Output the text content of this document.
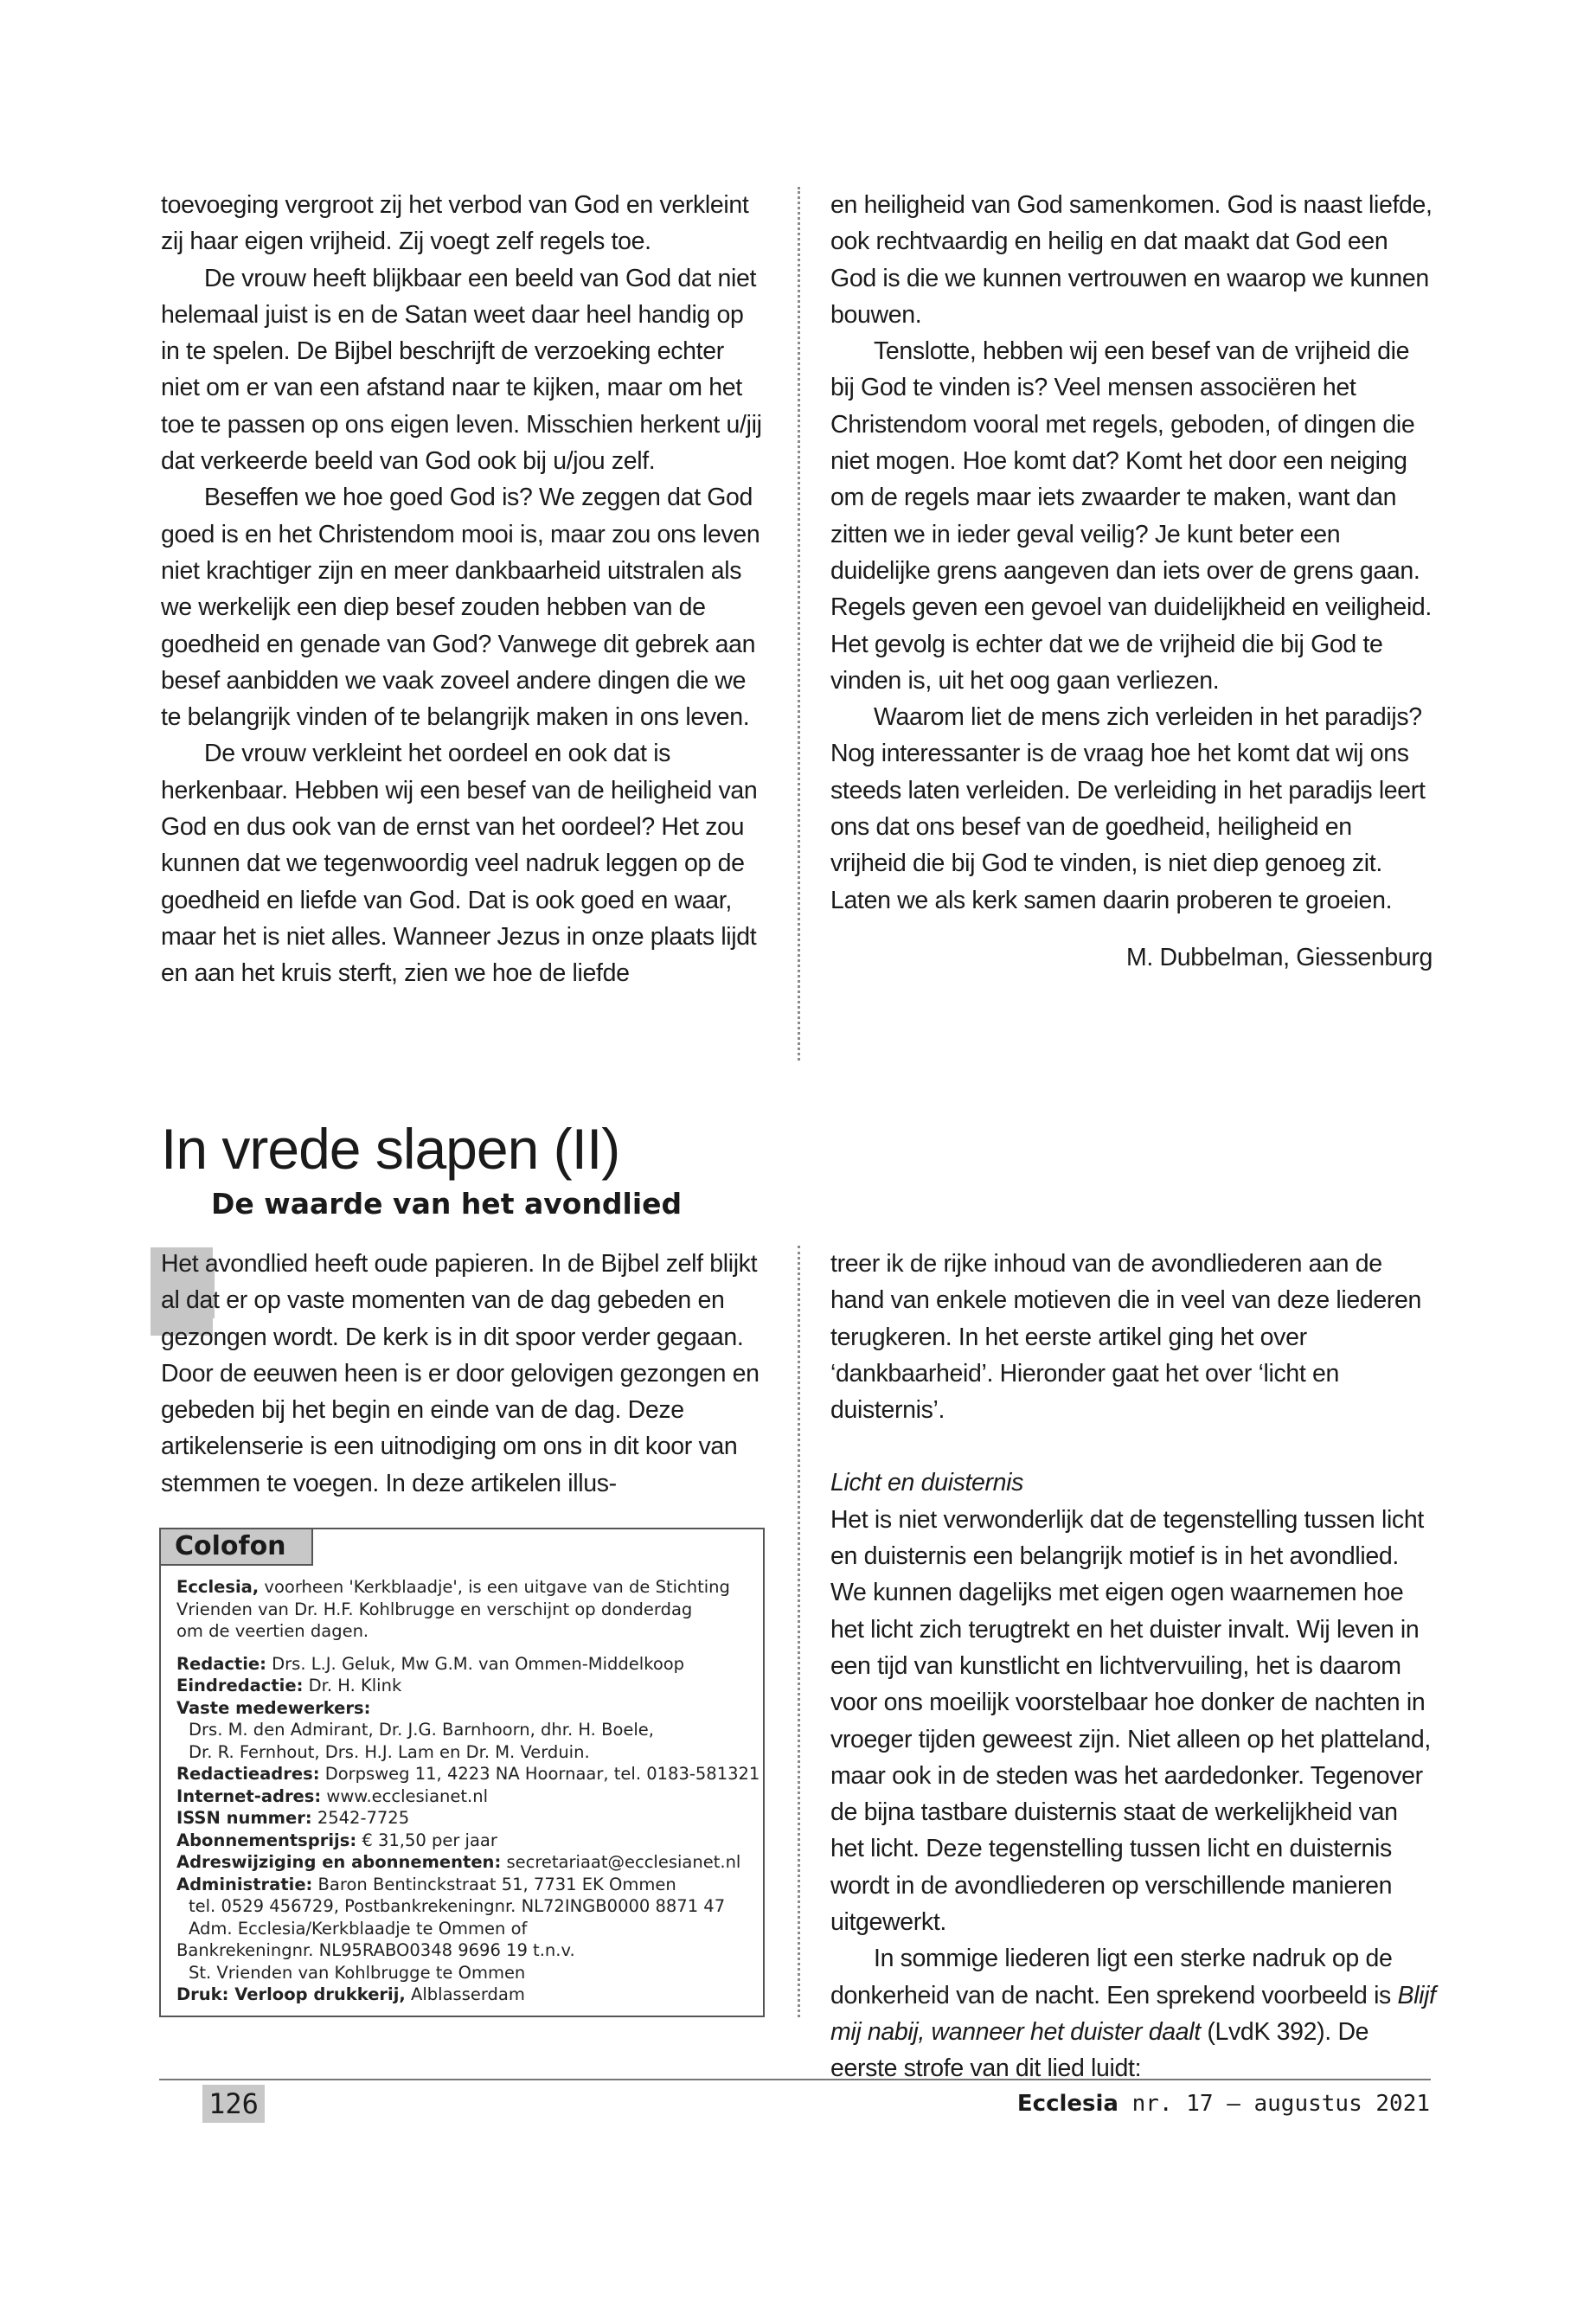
toevoeging vergroot zij het verbod van God en verkleint zij haar eigen vrijheid. Zij voegt zelf regels toe.

De vrouw heeft blijkbaar een beeld van God dat niet helemaal juist is en de Satan weet daar heel handig op in te spelen. De Bijbel beschrijft de verzoeking echter niet om er van een afstand naar te kijken, maar om het toe te passen op ons eigen leven. Misschien herkent u/jij dat verkeerde beeld van God ook bij u/jou zelf.

Beseffen we hoe goed God is? We zeggen dat God goed is en het Christendom mooi is, maar zou ons leven niet krachtiger zijn en meer dankbaarheid uitstralen als we werkelijk een diep besef zouden hebben van de goedheid en genade van God? Vanwege dit gebrek aan besef aanbidden we vaak zoveel andere dingen die we te belangrijk vinden of te belangrijk maken in ons leven.

De vrouw verkleint het oordeel en ook dat is herkenbaar. Hebben wij een besef van de heiligheid van God en dus ook van de ernst van het oordeel? Het zou kunnen dat we tegenwoordig veel nadruk leggen op de goedheid en liefde van God. Dat is ook goed en waar, maar het is niet alles. Wanneer Jezus in onze plaats lijdt en aan het kruis sterft, zien we hoe de liefde

en heiligheid van God samenkomen. God is naast liefde, ook rechtvaardig en heilig en dat maakt dat God een God is die we kunnen vertrouwen en waarop we kunnen bouwen.

Tenslotte, hebben wij een besef van de vrijheid die bij God te vinden is? Veel mensen associëren het Christendom vooral met regels, geboden, of dingen die niet mogen. Hoe komt dat? Komt het door een neiging om de regels maar iets zwaarder te maken, want dan zitten we in ieder geval veilig? Je kunt beter een duidelijke grens aangeven dan iets over de grens gaan. Regels geven een gevoel van duidelijkheid en veiligheid. Het gevolg is echter dat we de vrijheid die bij God te vinden is, uit het oog gaan verliezen.

Waarom liet de mens zich verleiden in het paradijs? Nog interessanter is de vraag hoe het komt dat wij ons steeds laten verleiden. De verleiding in het paradijs leert ons dat ons besef van de goedheid, heiligheid en vrijheid die bij God te vinden, is niet diep genoeg zit. Laten we als kerk samen daarin proberen te groeien.

M. Dubbelman, Giessenburg

In vrede slapen (II)
De waarde van het avondlied
H

Het avondlied heeft oude papieren. In de Bijbel zelf blijkt al dat er op vaste momenten van de dag gebeden en gezongen wordt. De kerk is in dit spoor verder gegaan. Door de eeuwen heen is er door gelovigen gezongen en gebeden bij het begin en einde van de dag. Deze artikelenserie is een uitnodiging om ons in dit koor van stemmen te voegen. In deze artikelen illus-

treer ik de rijke inhoud van de avondliederen aan de hand van enkele motieven die in veel van deze liederen terugkeren. In het eerste artikel ging het over ‘dankbaarheid’. Hieronder gaat het over ‘licht en duisternis’.

Licht en duisternis

Het is niet verwonderlijk dat de tegenstelling tussen licht en duisternis een belangrijk motief is in het avondlied. We kunnen dagelijks met eigen ogen waarnemen hoe het licht zich terugtrekt en het duister invalt. Wij leven in een tijd van kunstlicht en lichtvervuiling, het is daarom voor ons moeilijk voorstelbaar hoe donker de nachten in vroeger tijden geweest zijn. Niet alleen op het platteland, maar ook in de steden was het aardedonker. Tegenover de bijna tastbare duisternis staat de werkelijkheid van het licht. Deze tegenstelling tussen licht en duisternis wordt in de avondliederen op verschillende manieren uitgewerkt.

In sommige liederen ligt een sterke nadruk op de donkerheid van de nacht. Een sprekend voorbeeld is Blijf mij nabij, wanneer het duister daalt (LvdK 392). De eerste strofe van dit lied luidt:

Colofon

Ecclesia, voorheen 'Kerkblaadje', is een uitgave van de Stichting

Vrienden van Dr. H.F. Kohlbrugge en verschijnt op donderdag

om de veertien dagen.

Redactie: Drs. L.J. Geluk, Mw G.M. van Ommen-Middelkoop

Eindredactie: Dr. H. Klink

Vaste medewerkers:

Drs. M. den Admirant, Dr. J.G. Barnhoorn, dhr. H. Boele,

Dr. R. Fernhout, Drs. H.J. Lam en Dr. M. Verduin.

Redactieadres: Dorpsweg 11, 4223 NA Hoornaar, tel. 0183-581321

Internet-adres: www.ecclesianet.nl

ISSN nummer: 2542-7725

Abonnementsprijs: € 31,50 per jaar

Adreswijziging en abonnementen: secretariaat@ecclesianet.nl

Administratie: Baron Bentinckstraat 51, 7731 EK Ommen

tel. 0529 456729, Postbankrekeningnr. NL72INGB0000 8871 47

Adm. Ecclesia/Kerkblaadje te Ommen of

Bankrekeningnr. NL95RABO0348 9696 19 t.n.v.

St. Vrienden van Kohlbrugge te Ommen

Druk: Verloop drukkerij, Alblasserdam

126	Ecclesia nr. 17 — augustus 2021
